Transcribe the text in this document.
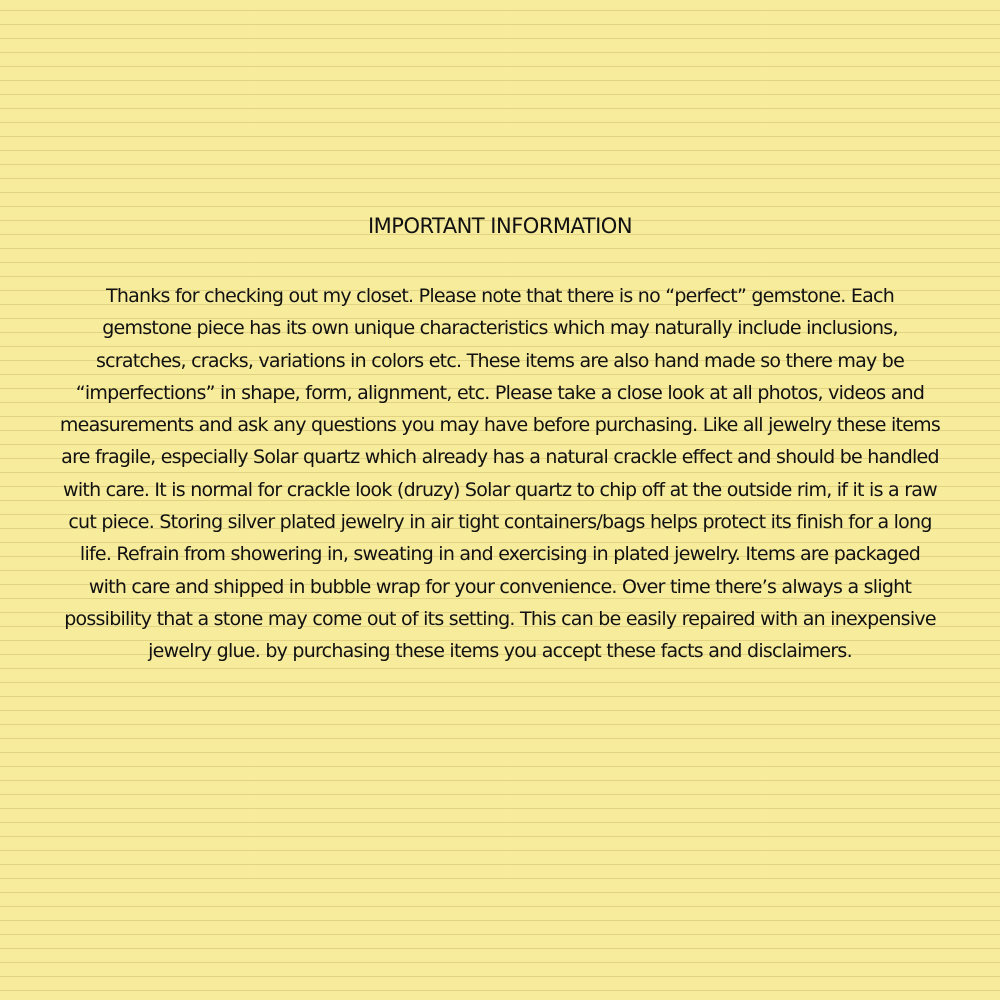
IMPORTANT INFORMATION

Thanks for checking out my closet. Please note that there is no “perfect” gemstone. Each
gemstone piece has its own unique characteristics which may naturally include inclusions,
scratches, cracks, variations in colors etc. These items are also hand made so there may be
“imperfections” in shape, form, alignment, etc. Please take a close look at all photos, videos and
measurements and ask any questions you may have before purchasing. Like all jewelry these items
are fragile, especially Solar quartz which already has a natural crackle effect and should be handled
with care. It is normal for crackle look (druzy) Solar quartz to chip off at the outside rim, if it is a raw
cut piece. Storing silver plated jewelry in air tight containers/bags helps protect its finish for a long
life. Refrain from showering in, sweating in and exercising in plated jewelry. Items are packaged
with care and shipped in bubble wrap for your convenience. Over time there’s always a slight
possibility that a stone may come out of its setting. This can be easily repaired with an inexpensive
jewelry glue. by purchasing these items you accept these facts and disclaimers.
